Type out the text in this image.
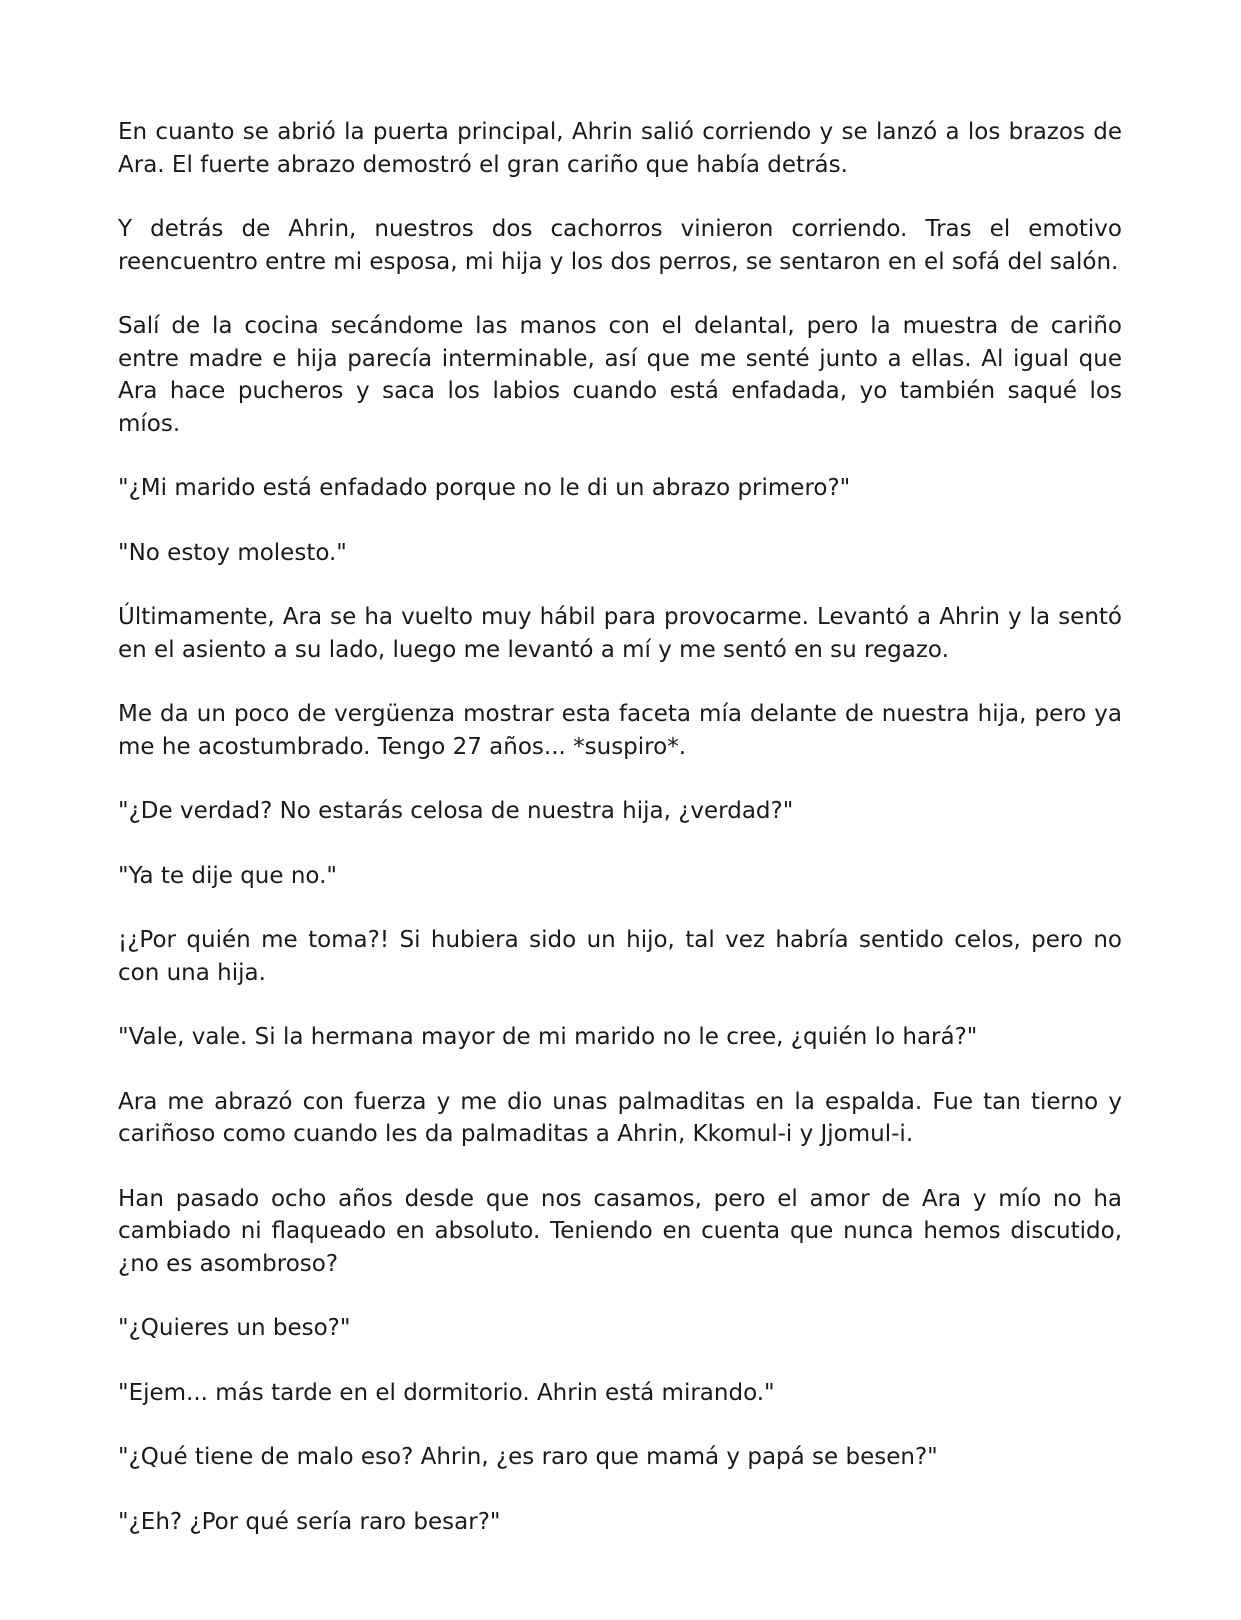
En cuanto se abrió la puerta principal, Ahrin salió corriendo y se lanzó a los brazos de Ara. El fuerte abrazo demostró el gran cariño que había detrás.

Y detrás de Ahrin, nuestros dos cachorros vinieron corriendo. Tras el emotivo reencuentro entre mi esposa, mi hija y los dos perros, se sentaron en el sofá del salón.

Salí de la cocina secándome las manos con el delantal, pero la muestra de cariño entre madre e hija parecía interminable, así que me senté junto a ellas. Al igual que Ara hace pucheros y saca los labios cuando está enfadada, yo también saqué los míos.

"¿Mi marido está enfadado porque no le di un abrazo primero?"

"No estoy molesto."

Últimamente, Ara se ha vuelto muy hábil para provocarme. Levantó a Ahrin y la sentó en el asiento a su lado, luego me levantó a mí y me sentó en su regazo.

Me da un poco de vergüenza mostrar esta faceta mía delante de nuestra hija, pero ya me he acostumbrado. Tengo 27 años... *suspiro*.

"¿De verdad? No estarás celosa de nuestra hija, ¿verdad?"

"Ya te dije que no."

¡¿Por quién me toma?! Si hubiera sido un hijo, tal vez habría sentido celos, pero no con una hija.

"Vale, vale. Si la hermana mayor de mi marido no le cree, ¿quién lo hará?"

Ara me abrazó con fuerza y me dio unas palmaditas en la espalda. Fue tan tierno y cariñoso como cuando les da palmaditas a Ahrin, Kkomul-i y Jjomul-i.

Han pasado ocho años desde que nos casamos, pero el amor de Ara y mío no ha cambiado ni flaqueado en absoluto. Teniendo en cuenta que nunca hemos discutido, ¿no es asombroso?

"¿Quieres un beso?"

"Ejem... más tarde en el dormitorio. Ahrin está mirando."

"¿Qué tiene de malo eso? Ahrin, ¿es raro que mamá y papá se besen?"

"¿Eh? ¿Por qué sería raro besar?"
